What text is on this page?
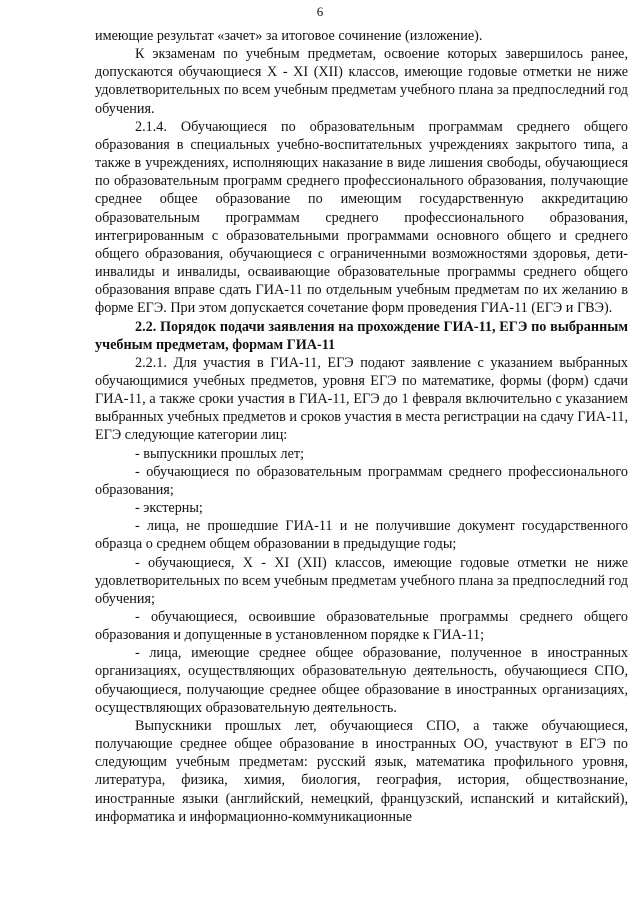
6

имеющие результат «зачет» за итоговое сочинение (изложение).

К экзаменам по учебным предметам, освоение которых завершилось ранее, допускаются обучающиеся X - XI (XII) классов, имеющие годовые отметки не ниже удовлетворительных по всем учебным предметам учебного плана за предпоследний год обучения.

2.1.4. Обучающиеся по образовательным программам среднего общего образования в специальных учебно-воспитательных учреждениях закрытого типа, а также в учреждениях, исполняющих наказание в виде лишения свободы, обучающиеся по образовательным программ среднего профессионального образования, получающие среднее общее образование по имеющим государственную аккредитацию образовательным программам среднего профессионального образования, интегрированным с образовательными программами основного общего и среднего общего образования, обучающиеся с ограниченными возможностями здоровья, дети-инвалиды и инвалиды, осваивающие образовательные программы среднего общего образования вправе сдать ГИА-11 по отдельным учебным предметам по их желанию в форме ЕГЭ. При этом допускается сочетание форм проведения ГИА-11 (ЕГЭ и ГВЭ).

2.2. Порядок подачи заявления на прохождение ГИА-11, ЕГЭ по выбранным учебным предметам, формам ГИА-11

2.2.1. Для участия в ГИА-11, ЕГЭ подают заявление с указанием выбранных обучающимися учебных предметов, уровня ЕГЭ по математике, формы (форм) сдачи ГИА-11, а также сроки участия в ГИА-11, ЕГЭ до 1 февраля включительно с указанием выбранных учебных предметов и сроков участия в места регистрации на сдачу ГИА-11, ЕГЭ следующие категории лиц:

- выпускники прошлых лет;

- обучающиеся по образовательным программам среднего профессионального образования;

- экстерны;

- лица, не прошедшие ГИА-11 и не получившие документ государственного образца о среднем общем образовании в предыдущие годы;

- обучающиеся, X - XI (XII) классов, имеющие годовые отметки не ниже удовлетворительных по всем учебным предметам учебного плана за предпоследний год обучения;

- обучающиеся, освоившие образовательные программы среднего общего образования и допущенные в установленном порядке к ГИА-11;

- лица, имеющие среднее общее образование, полученное в иностранных организациях, осуществляющих образовательную деятельность, обучающиеся СПО, обучающиеся, получающие среднее общее образование в иностранных организациях, осуществляющих образовательную деятельность.

Выпускники прошлых лет, обучающиеся СПО, а также обучающиеся, получающие среднее общее образование в иностранных ОО, участвуют в ЕГЭ по следующим учебным предметам: русский язык, математика профильного уровня, литература, физика, химия, биология, география, история, обществознание, иностранные языки (английский, немецкий, французский, испанский и китайский), информатика и информационно-коммуникационные
